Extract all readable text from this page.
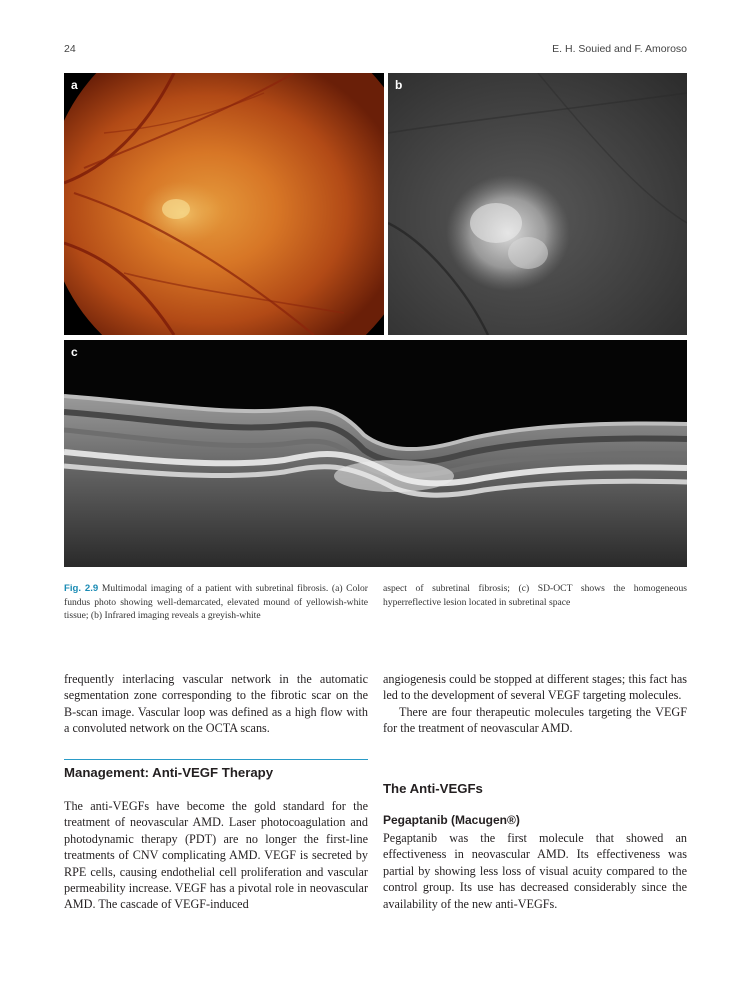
24	E. H. Souied and F. Amoroso
a	b
c
Fig. 2.9 Multimodal imaging of a patient with subretinal fibrosis. (a) Color fundus photo showing well-demarcated, elevated mound of yellowish-white tissue; (b) Infrared imaging reveals a greyish-white
aspect of subretinal fibrosis; (c) SD-OCT shows the homogeneous hyperreflective lesion located in subretinal space

frequently interlacing vascular network in the automatic segmentation zone corresponding to the fibrotic scar on the B-scan image. Vascular loop was defined as a high flow with a convoluted network on the OCTA scans.

Management: Anti-VEGF Therapy

The anti-VEGFs have become the gold standard for the treatment of neovascular AMD. Laser photocoagulation and photodynamic therapy (PDT) are no longer the first-line treatments of CNV complicating AMD. VEGF is secreted by RPE cells, causing endothelial cell proliferation and vascular permeability increase. VEGF has a pivotal role in neovascular AMD. The cascade of VEGF-induced

angiogenesis could be stopped at different stages; this fact has led to the development of several VEGF targeting molecules.

There are four therapeutic molecules targeting the VEGF for the treatment of neovascular AMD.

The Anti-VEGFs
Pegaptanib (Macugen®)

Pegaptanib was the first molecule that showed an effectiveness in neovascular AMD. Its effectiveness was partial by showing less loss of visual acuity compared to the control group. Its use has decreased considerably since the availability of the new anti-VEGFs.
